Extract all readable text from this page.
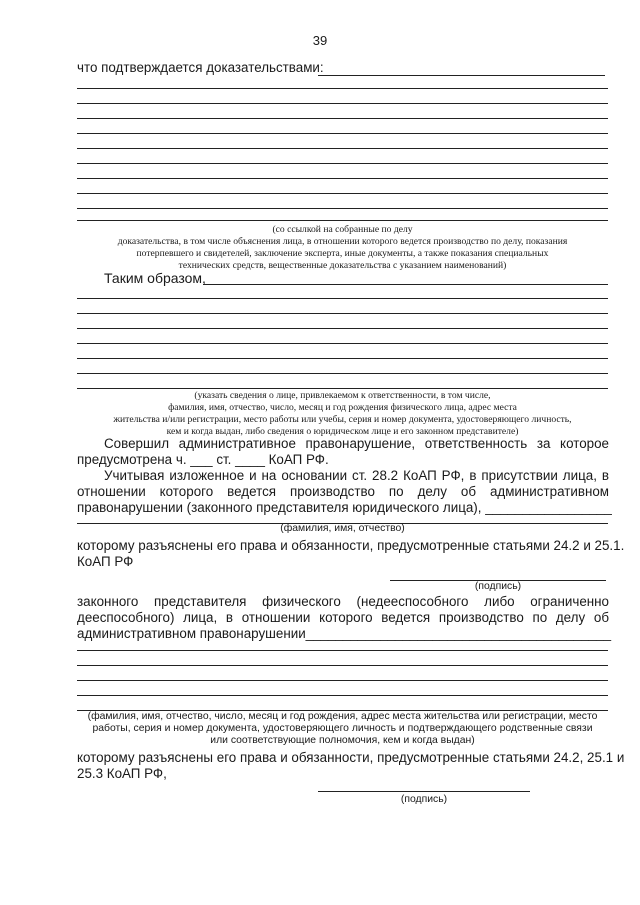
39
что подтверждается доказательствами:
(со ссылкой на собранные по делу
доказательства, в том числе объяснения лица, в отношении которого ведется производство по делу, показания
потерпевшего и свидетелей, заключение эксперта, иные документы, а также показания специальных
технических средств, вещественные доказательства с указанием наименований)
Таким образом,
(указать сведения о лице, привлекаемом к ответственности, в том числе,
фамилия, имя, отчество, число, месяц и год рождения физического лица, адрес места
жительства и/или регистрации, место работы или учебы, серия и номер документа, удостоверяющего личность,
кем и когда выдан, либо сведения о юридическом лице и его законном представителе)
Совершил административное правонарушение, ответственность за которое
предусмотрена ч. ___ ст. ____ КоАП РФ.
Учитывая изложенное и на основании ст. 28.2 КоАП РФ, в присутствии лица, в
отношении которого ведется производство по делу об административном
правонарушении (законного представителя юридического лица), _________________
(фамилия, имя, отчество)
которому разъяснены его права и обязанности, предусмотренные статьями 24.2 и 25.1.
КоАП РФ
(подпись)
законного представителя физического (недееспособного либо ограниченно
дееспособного) лица, в отношении которого ведется производство по делу об
административном правонарушении_________________________________________
(фамилия, имя, отчество, число, месяц и год рождения, адрес места жительства или регистрации, место
работы, серия и номер документа, удостоверяющего личность и подтверждающего родственные связи
или соответствующие полномочия, кем и когда выдан)
которому разъяснены его права и обязанности, предусмотренные статьями 24.2, 25.1 и
25.3 КоАП РФ,
(подпись)
